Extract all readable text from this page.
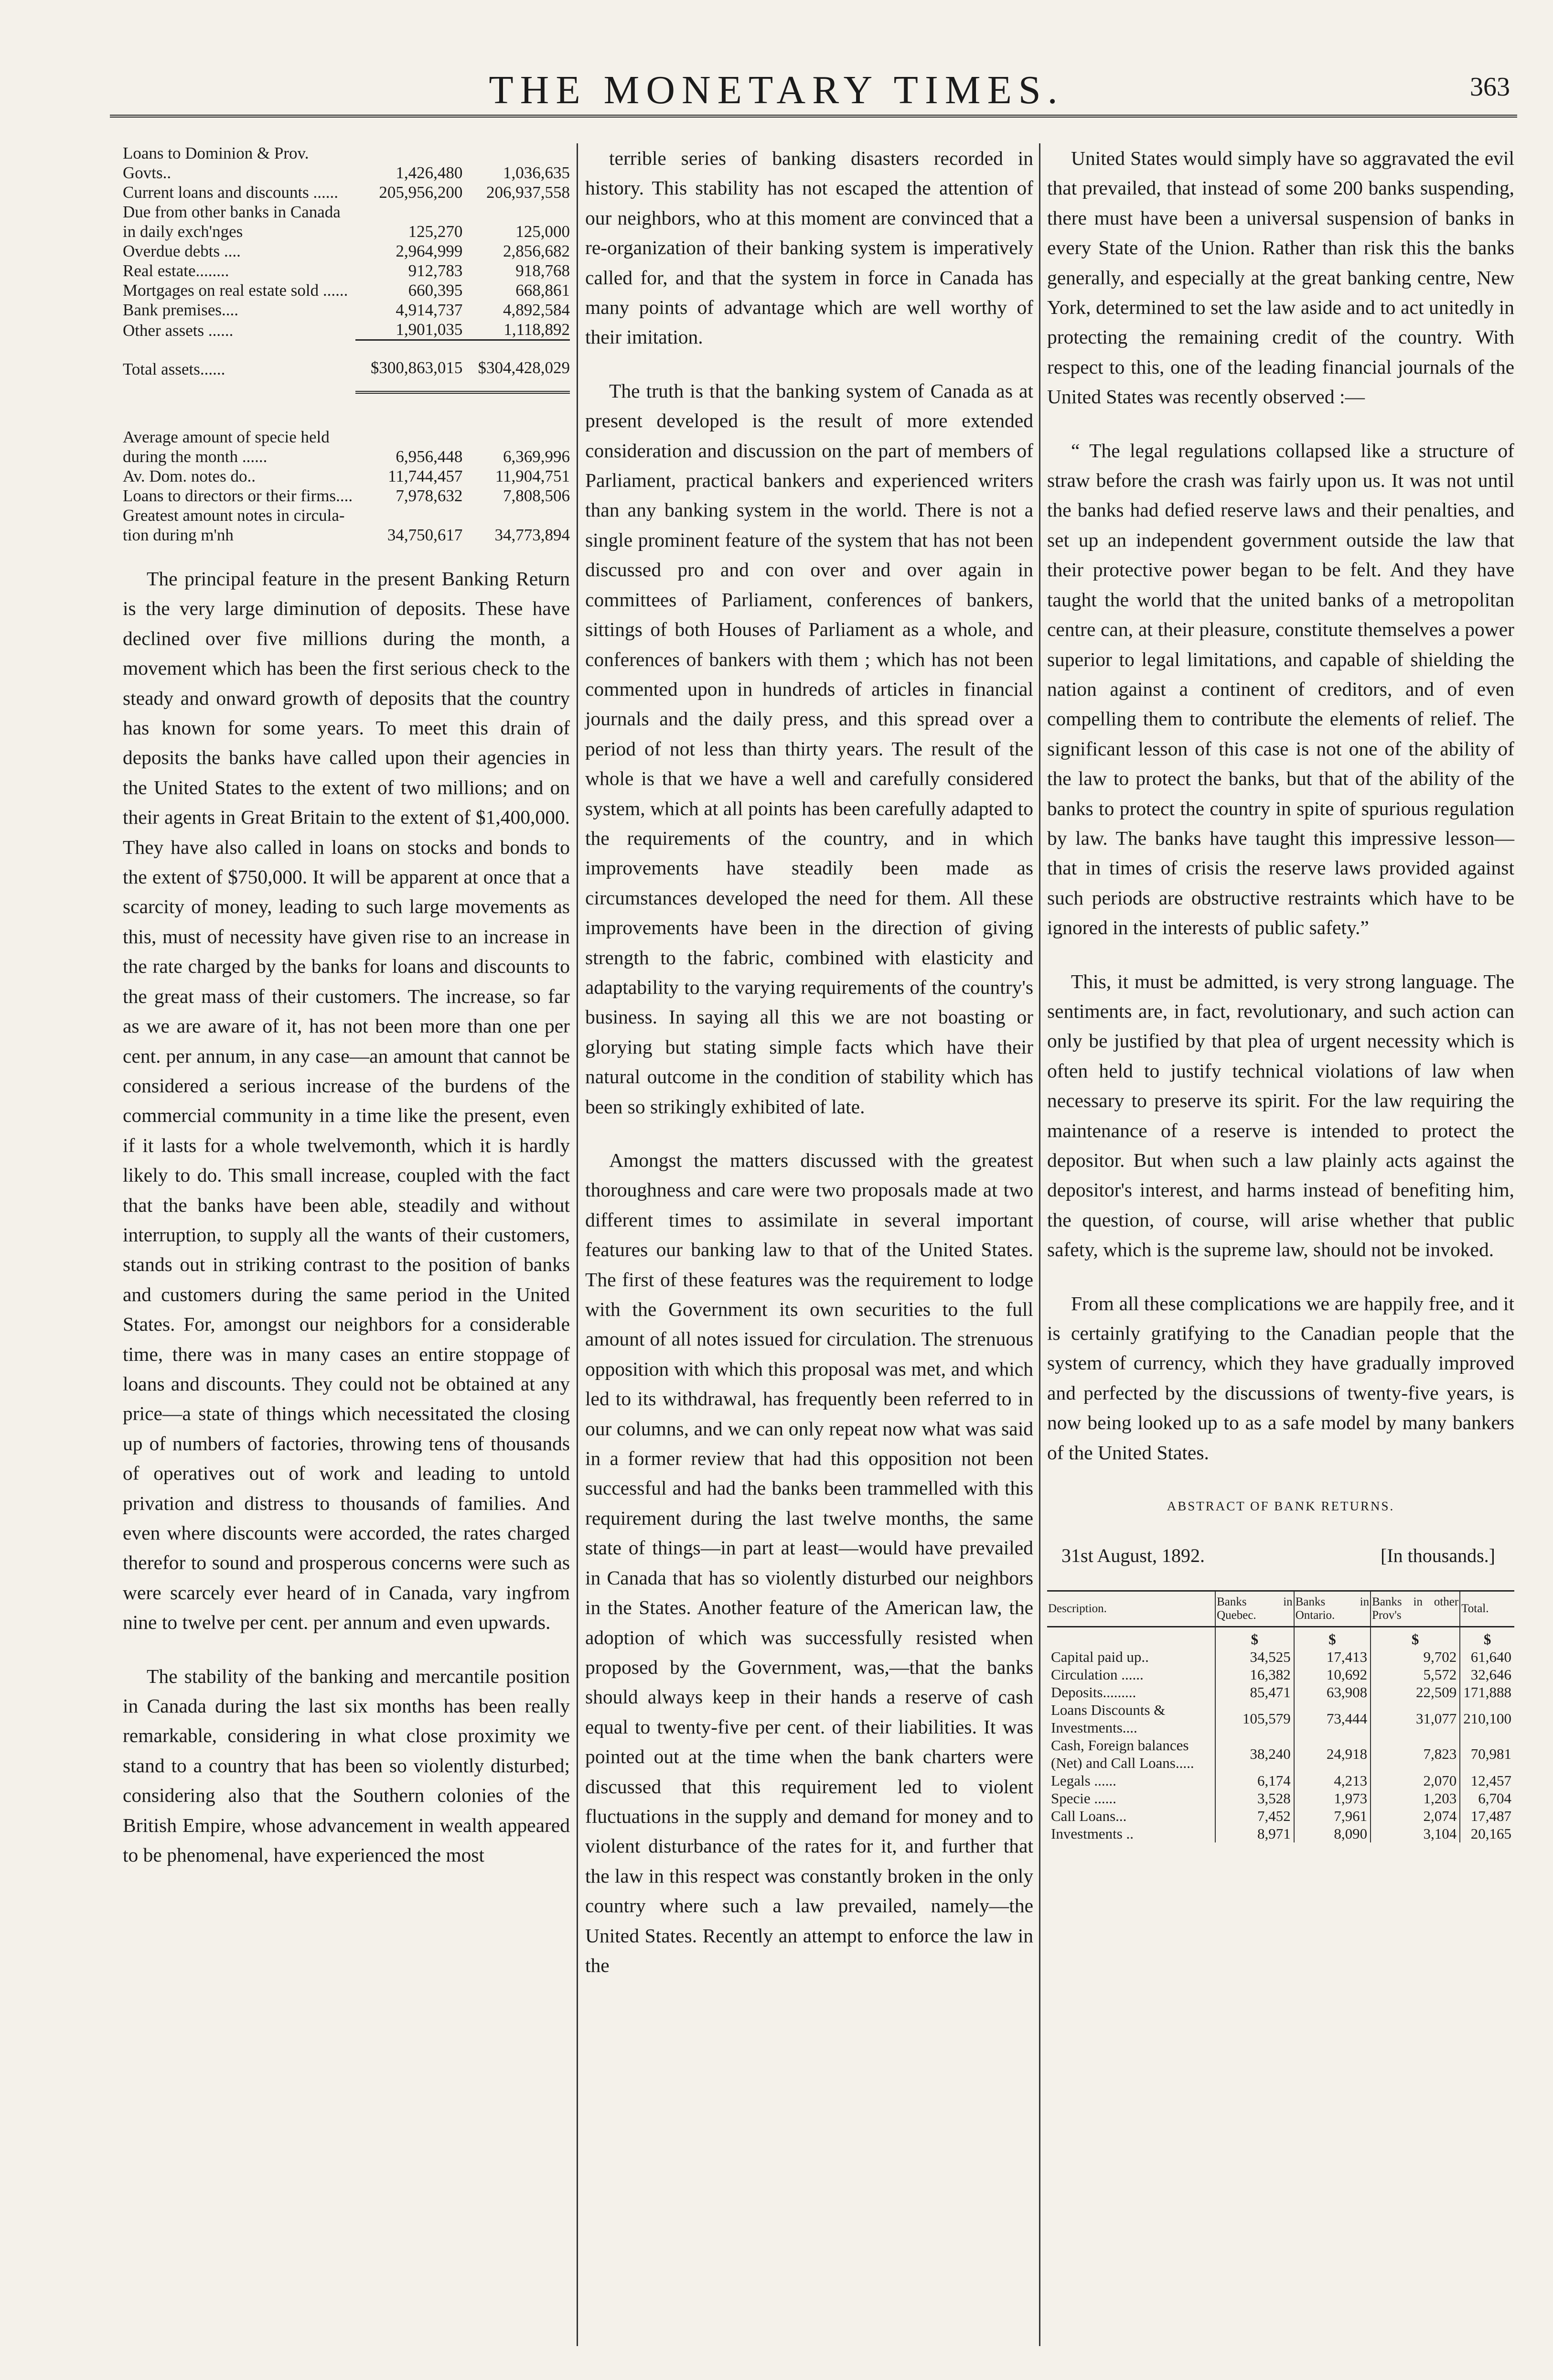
THE MONETARY TIMES.	363
Loans to Dominion & Prov. Govts..	1,426,480	1,036,635
Current loans and discounts ......	205,956,200	206,937,558
Due from other banks in Canada in daily exch'nges	125,270	125,000
Overdue debts ....	2,964,999	2,856,682
Real estate........	912,783	918,768
Mortgages on real estate sold ......	660,395	668,861
Bank premises....	4,914,737	4,892,584
Other assets ......	1,901,035	1,118,892
Total assets......	$300,863,015	$304,428,029
Average amount of specie held during the month ......	6,956,448	6,369,996
Av. Dom. notes do..	11,744,457	11,904,751
Loans to directors or their firms....	7,978,632	7,808,506
Greatest amount notes in circula-tion during m'nh	34,750,617	34,773,894

The principal feature in the present Banking Return is the very large diminution of deposits. These have declined over five millions during the month, a movement which has been the first serious check to the steady and onward growth of deposits that the country has known for some years. To meet this drain of deposits the banks have called upon their agencies in the United States to the extent of two millions; and on their agents in Great Britain to the extent of $1,400,000. They have also called in loans on stocks and bonds to the extent of $750,000. It will be apparent at once that a scarcity of money, leading to such large movements as this, must of necessity have given rise to an increase in the rate charged by the banks for loans and discounts to the great mass of their customers. The increase, so far as we are aware of it, has not been more than one per cent. per annum, in any case—an amount that cannot be considered a serious increase of the burdens of the commercial community in a time like the present, even if it lasts for a whole twelvemonth, which it is hardly likely to do. This small increase, coupled with the fact that the banks have been able, steadily and without interruption, to supply all the wants of their customers, stands out in striking contrast to the position of banks and customers during the same period in the United States. For, amongst our neighbors for a considerable time, there was in many cases an entire stoppage of loans and discounts. They could not be obtained at any price—a state of things which necessitated the closing up of numbers of factories, throwing tens of thousands of operatives out of work and leading to untold privation and distress to thousands of families. And even where discounts were accorded, the rates charged therefor to sound and prosperous concerns were such as were scarcely ever heard of in Canada, vary ingfrom nine to twelve per cent. per annum and even upwards.

The stability of the banking and mercantile position in Canada during the last six months has been really remarkable, considering in what close proximity we stand to a country that has been so violently disturbed; considering also that the Southern colonies of the British Empire, whose advancement in wealth appeared to be phenomenal, have experienced the most

terrible series of banking disasters recorded in history. This stability has not escaped the attention of our neighbors, who at this moment are convinced that a re-organization of their banking system is imperatively called for, and that the system in force in Canada has many points of advantage which are well worthy of their imitation.

The truth is that the banking system of Canada as at present developed is the result of more extended consideration and discussion on the part of members of Parliament, practical bankers and experienced writers than any banking system in the world. There is not a single prominent feature of the system that has not been discussed pro and con over and over again in committees of Parliament, conferences of bankers, sittings of both Houses of Parliament as a whole, and conferences of bankers with them ; which has not been commented upon in hundreds of articles in financial journals and the daily press, and this spread over a period of not less than thirty years. The result of the whole is that we have a well and carefully considered system, which at all points has been carefully adapted to the requirements of the country, and in which improvements have steadily been made as circumstances developed the need for them. All these improvements have been in the direction of giving strength to the fabric, combined with elasticity and adaptability to the varying requirements of the country's business. In saying all this we are not boasting or glorying but stating simple facts which have their natural outcome in the condition of stability which has been so strikingly exhibited of late.

Amongst the matters discussed with the greatest thoroughness and care were two proposals made at two different times to assimilate in several important features our banking law to that of the United States. The first of these features was the requirement to lodge with the Government its own securities to the full amount of all notes issued for circulation. The strenuous opposition with which this proposal was met, and which led to its withdrawal, has frequently been referred to in our columns, and we can only repeat now what was said in a former review that had this opposition not been successful and had the banks been trammelled with this requirement during the last twelve months, the same state of things—in part at least—would have prevailed in Canada that has so violently disturbed our neighbors in the States. Another feature of the American law, the adoption of which was successfully resisted when proposed by the Government, was,—that the banks should always keep in their hands a reserve of cash equal to twenty-five per cent. of their liabilities. It was pointed out at the time when the bank charters were discussed that this requirement led to violent fluctuations in the supply and demand for money and to violent disturbance of the rates for it, and further that the law in this respect was constantly broken in the only country where such a law prevailed, namely—the United States. Recently an attempt to enforce the law in the

United States would simply have so aggravated the evil that prevailed, that instead of some 200 banks suspending, there must have been a universal suspension of banks in every State of the Union. Rather than risk this the banks generally, and especially at the great banking centre, New York, determined to set the law aside and to act unitedly in protecting the remaining credit of the country. With respect to this, one of the leading financial journals of the United States was recently observed :—

“ The legal regulations collapsed like a structure of straw before the crash was fairly upon us. It was not until the banks had defied reserve laws and their penalties, and set up an independent government outside the law that their protective power began to be felt. And they have taught the world that the united banks of a metropolitan centre can, at their pleasure, constitute themselves a power superior to legal limitations, and capable of shielding the nation against a continent of creditors, and of even compelling them to contribute the elements of relief. The significant lesson of this case is not one of the ability of the law to protect the banks, but that of the ability of the banks to protect the country in spite of spurious regulation by law. The banks have taught this impressive lesson—that in times of crisis the reserve laws provided against such periods are obstructive restraints which have to be ignored in the interests of public safety.”

This, it must be admitted, is very strong language. The sentiments are, in fact, revolutionary, and such action can only be justified by that plea of urgent necessity which is often held to justify technical violations of law when necessary to preserve its spirit. For the law requiring the maintenance of a reserve is intended to protect the depositor. But when such a law plainly acts against the depositor's interest, and harms instead of benefiting him, the question, of course, will arise whether that public safety, which is the supreme law, should not be invoked.

From all these complications we are happily free, and it is certainly gratifying to the Canadian people that the system of currency, which they have gradually improved and perfected by the discussions of twenty-five years, is now being looked up to as a safe model by many bankers of the United States.

ABSTRACT OF BANK RETURNS.
31st August, 1892.	[In thousands.]
Description.	Banks in Quebec.	Banks in Ontario.	Banks in other Prov's	Total.
	$	$	$	$
Capital paid up..	34,525	17,413	9,702	61,640
Circulation ......	16,382	10,692	5,572	32,646
Deposits.........	85,471	63,908	22,509	171,888
Loans Discounts & Investments....	105,579	73,444	31,077	210,100
Cash, Foreign balances (Net) and Call Loans.....	38,240	24,918	7,823	70,981
Legals ......	6,174	4,213	2,070	12,457
Specie ......	3,528	1,973	1,203	6,704
Call Loans...	7,452	7,961	2,074	17,487
Investments ..	8,971	8,090	3,104	20,165
